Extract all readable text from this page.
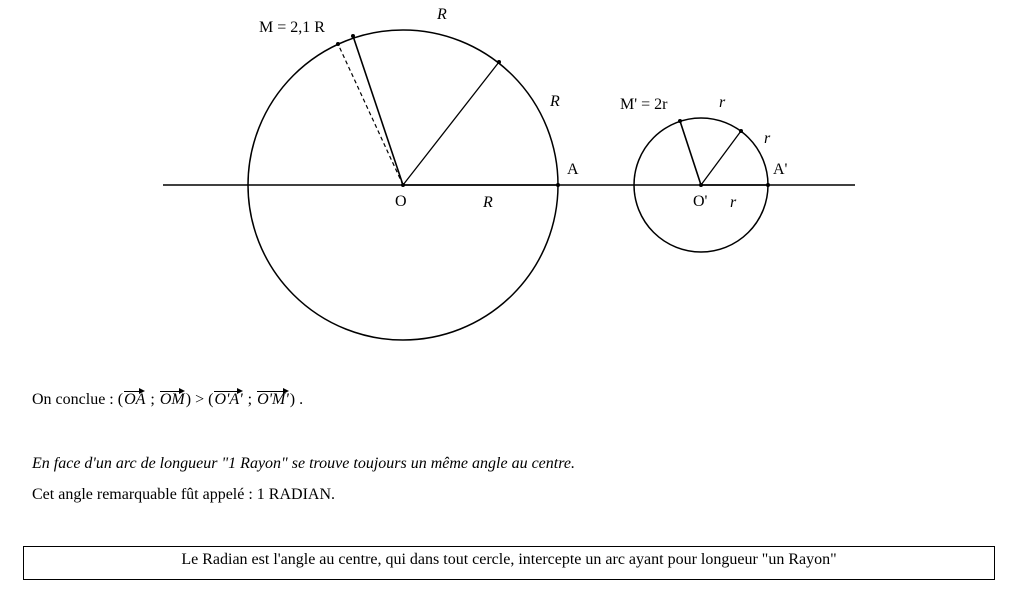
M = 2,1 R
R
R
R
A
O
M' = 2r	r
r
A'
O' r
On conclue : (OA ; OM) > (O'A' ; O'M') .
En face d'un arc de longueur "1 Rayon" se trouve toujours un même angle au centre.
Cet angle remarquable fût appelé : 1 RADIAN.
Le Radian est l'angle au centre, qui dans tout cercle, intercepte un arc ayant pour longueur "un Rayon"
